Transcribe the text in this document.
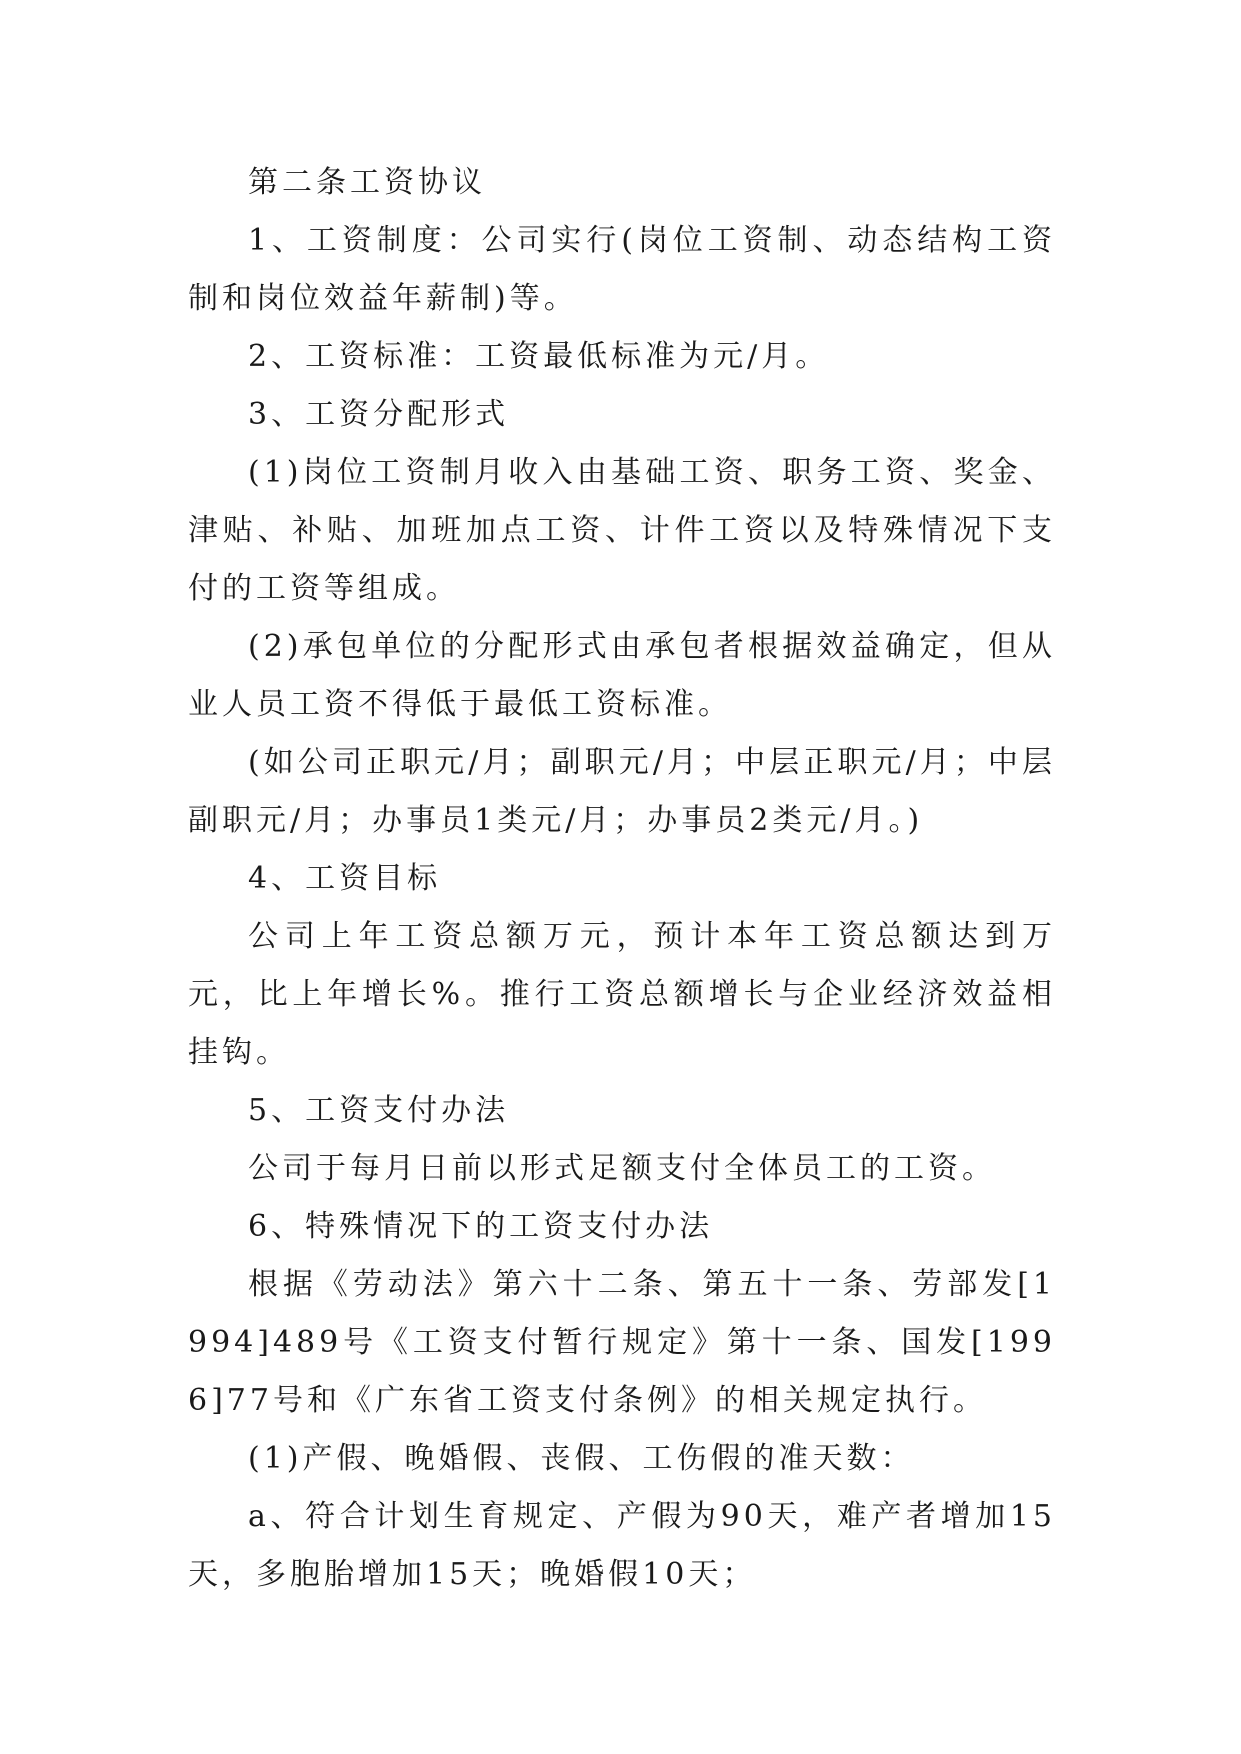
第二条工资协议

1、工资制度：公司实行(岗位工资制、动态结构工资制和岗位效益年薪制)等。

2、工资标准：工资最低标准为元/月。

3、工资分配形式

(1)岗位工资制月收入由基础工资、职务工资、奖金、津贴、补贴、加班加点工资、计件工资以及特殊情况下支付的工资等组成。

(2)承包单位的分配形式由承包者根据效益确定，但从业人员工资不得低于最低工资标准。

(如公司正职元/月；副职元/月；中层正职元/月；中层副职元/月；办事员1类元/月；办事员2类元/月。)

4、工资目标

公司上年工资总额万元，预计本年工资总额达到万元，比上年增长%。推行工资总额增长与企业经济效益相挂钩。

5、工资支付办法

公司于每月日前以形式足额支付全体员工的工资。

6、特殊情况下的工资支付办法

根据《劳动法》第六十二条、第五十一条、劳部发[1994]489号《工资支付暂行规定》第十一条、国发[1996]77号和《广东省工资支付条例》的相关规定执行。

(1)产假、晚婚假、丧假、工伤假的准天数：

a、符合计划生育规定、产假为90天，难产者增加15天，多胞胎增加15天；晚婚假10天；
